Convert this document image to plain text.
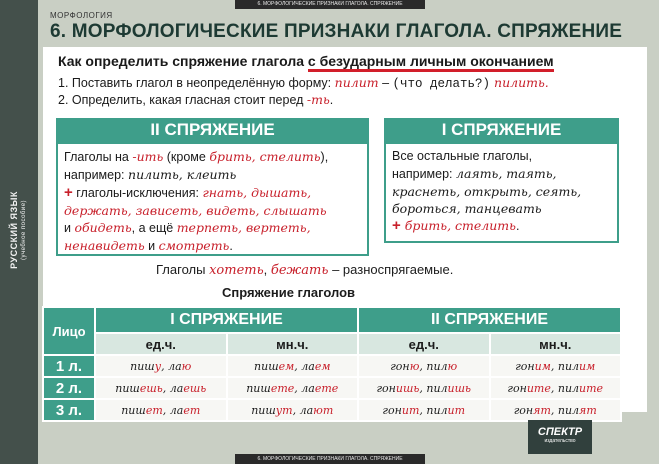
РУССКИЙ ЯЗЫК (учебное пособие)
6. МОРФОЛОГИЧЕСКИЕ ПРИЗНАКИ ГЛАГОЛА. СПРЯЖЕНИЕ
МОРФОЛОГИЯ
6. МОРФОЛОГИЧЕСКИЕ ПРИЗНАКИ ГЛАГОЛА. СПРЯЖЕНИЕ
Как определить спряжение глагола с безударным личным окончанием
1. Поставить глагол в неопределённую форму: пилит – (что делать?) пилить.
2. Определить, какая гласная стоит перед -ть.
II СПРЯЖЕНИЕ	I СПРЯЖЕНИЕ
Глаголы на -ить (кроме брить, стелить),
например: пилить, клеить
+ глаголы-исключения: гнать, дышать,
держать, зависеть, видеть, слышать
и обидеть, а ещё терпеть, вертеть,
ненавидеть и смотреть.
Все остальные глаголы,
например: лаять, таять,
краснеть, открыть, сеять,
бороться, танцевать
+ брить, стелить.
Глаголы хотеть, бежать – разноспрягаемые.
Спряжение глаголов
Лицо	I СПРЯЖЕНИЕ		II СПРЯЖЕНИЕ	
	ед.ч.	мн.ч.	ед.ч.	мн.ч.
1 л.	пишу, лаю	пишем, лаем	гоню, пилю	гоним, пилим
2 л.	пишешь, лаешь	пишете, лаете	гонишь, пилишь	гоните, пилите
3 л.	пишет, лает	пишут, лают	гонит, пилит	гонят, пилят
СПЕКТР
издательство
6. МОРФОЛОГИЧЕСКИЕ ПРИЗНАКИ ГЛАГОЛА. СПРЯЖЕНИЕ
